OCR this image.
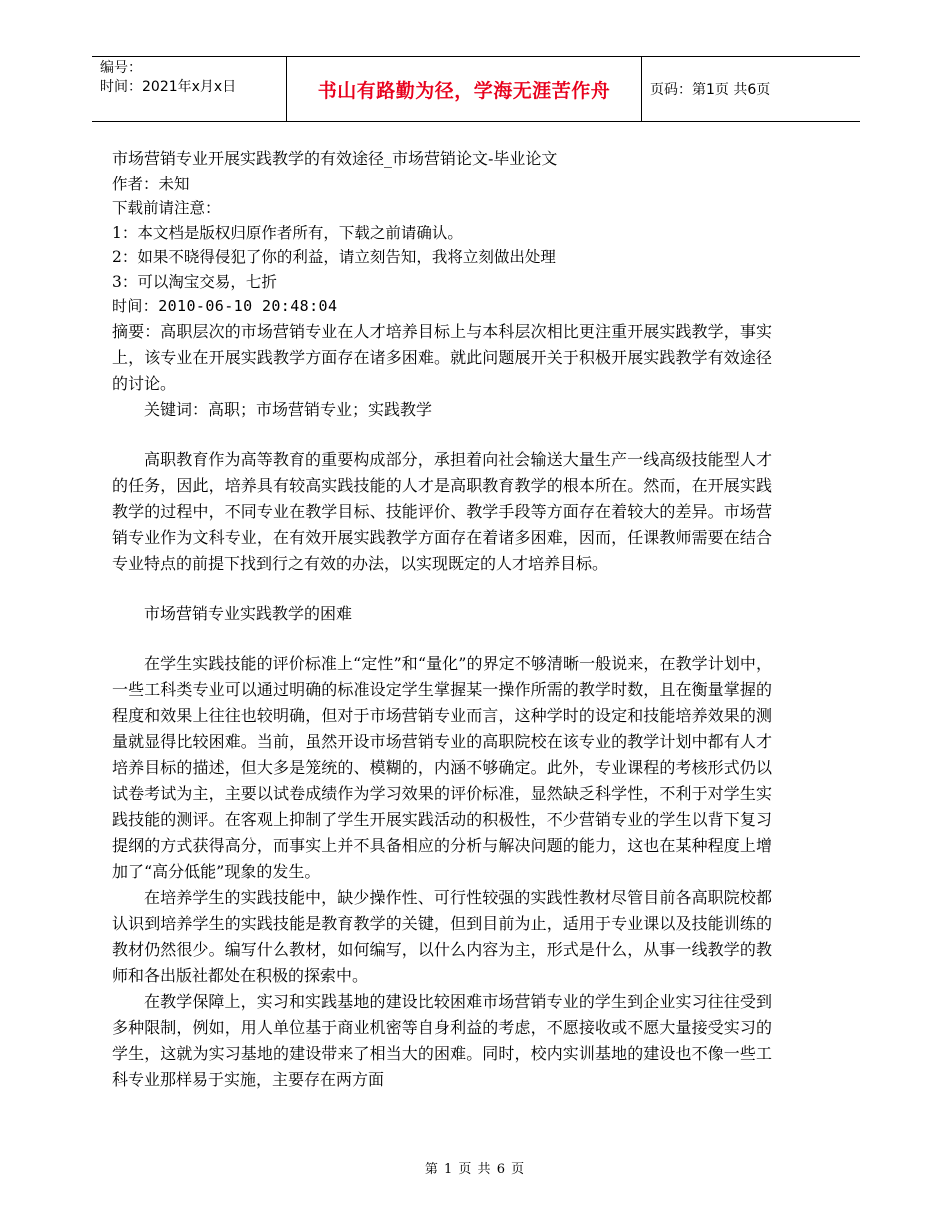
编号：
时间：2021年x月x日	书山有路勤为径，学海无涯苦作舟	页码：第1页 共6页
市场营销专业开展实践教学的有效途径_市场营销论文-毕业论文
作者：未知
下载前请注意：
1：本文档是版权归原作者所有，下载之前请确认。
2：如果不晓得侵犯了你的利益，请立刻告知，我将立刻做出处理
3：可以淘宝交易，七折
时间：2010-06-10 20:48:04

摘要：高职层次的市场营销专业在人才培养目标上与本科层次相比更注重开展实践教学，事实上，该专业在开展实践教学方面存在诸多困难。就此问题展开关于积极开展实践教学有效途径的讨论。

关键词：高职；市场营销专业；实践教学

高职教育作为高等教育的重要构成部分，承担着向社会输送大量生产一线高级技能型人才的任务，因此，培养具有较高实践技能的人才是高职教育教学的根本所在。然而，在开展实践教学的过程中，不同专业在教学目标、技能评价、教学手段等方面存在着较大的差异。市场营销专业作为文科专业，在有效开展实践教学方面存在着诸多困难，因而，任课教师需要在结合专业特点的前提下找到行之有效的办法，以实现既定的人才培养目标。

市场营销专业实践教学的困难

在学生实践技能的评价标准上“定性”和“量化”的界定不够清晰一般说来，在教学计划中，一些工科类专业可以通过明确的标准设定学生掌握某一操作所需的教学时数，且在衡量掌握的程度和效果上往往也较明确，但对于市场营销专业而言，这种学时的设定和技能培养效果的测量就显得比较困难。当前，虽然开设市场营销专业的高职院校在该专业的教学计划中都有人才培养目标的描述，但大多是笼统的、模糊的，内涵不够确定。此外，专业课程的考核形式仍以试卷考试为主，主要以试卷成绩作为学习效果的评价标准，显然缺乏科学性，不利于对学生实践技能的测评。在客观上抑制了学生开展实践活动的积极性，不少营销专业的学生以背下复习提纲的方式获得高分，而事实上并不具备相应的分析与解决问题的能力，这也在某种程度上增加了“高分低能”现象的发生。

在培养学生的实践技能中，缺少操作性、可行性较强的实践性教材尽管目前各高职院校都认识到培养学生的实践技能是教育教学的关键，但到目前为止，适用于专业课以及技能训练的教材仍然很少。编写什么教材，如何编写，以什么内容为主，形式是什么，从事一线教学的教师和各出版社都处在积极的探索中。

在教学保障上，实习和实践基地的建设比较困难市场营销专业的学生到企业实习往往受到多种限制，例如，用人单位基于商业机密等自身利益的考虑，不愿接收或不愿大量接受实习的学生，这就为实习基地的建设带来了相当大的困难。同时，校内实训基地的建设也不像一些工科专业那样易于实施，主要存在两方面

第 1 页 共 6 页
